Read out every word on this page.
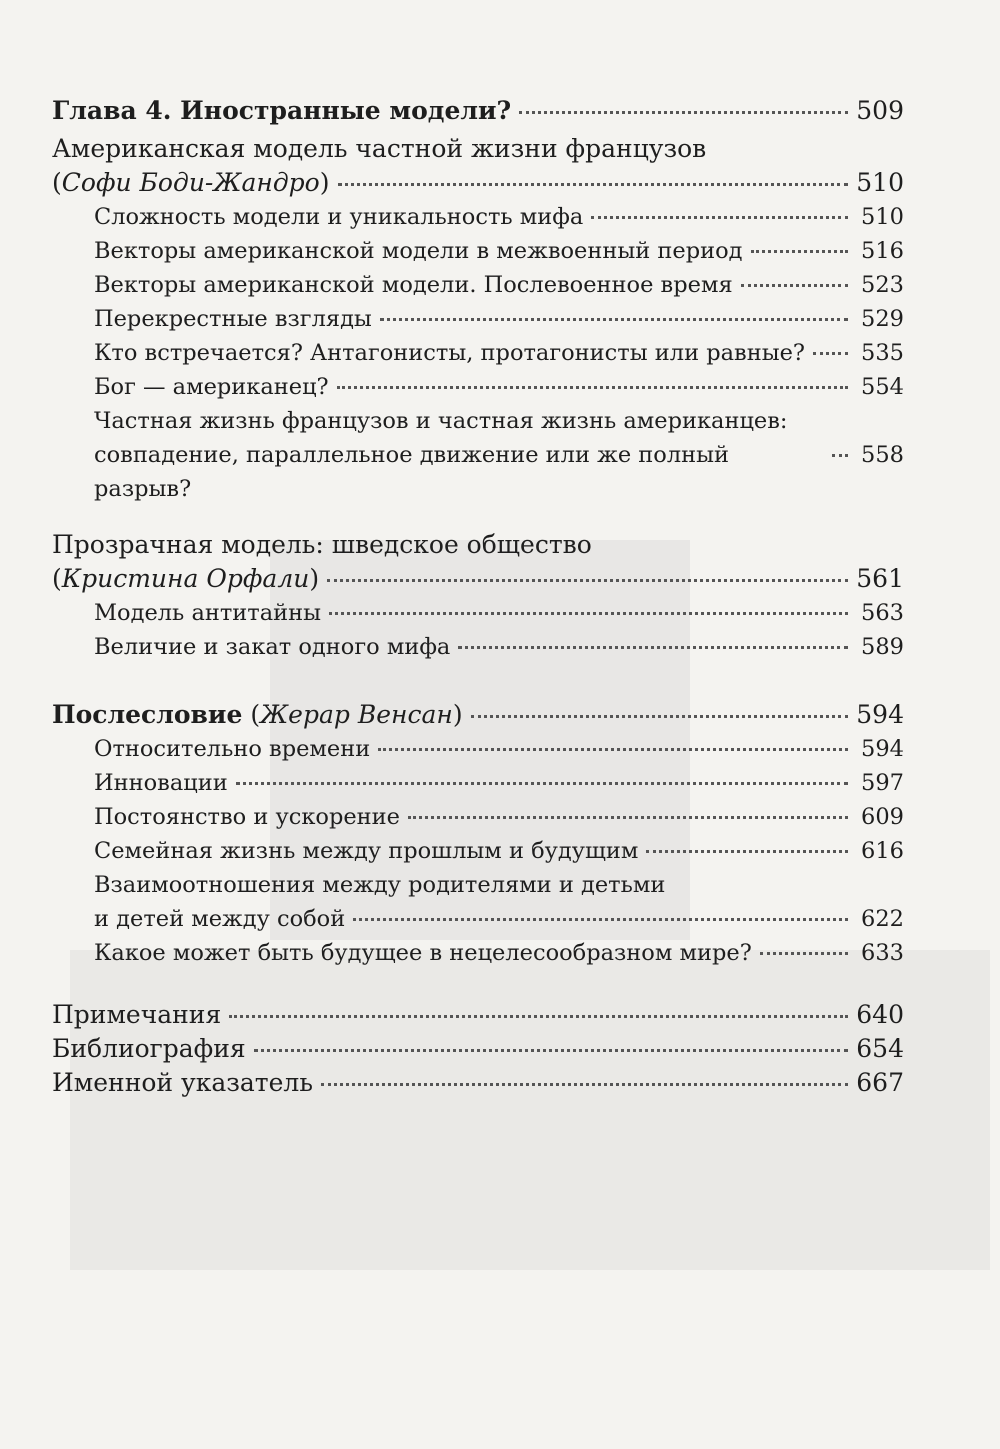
Глава 4. Иностранные модели?	509
Американская модель частной жизни французов
(Софи Боди-Жандро)	510
Сложность модели и уникальность мифа	510
Векторы американской модели в межвоенный период	516
Векторы американской модели. Послевоенное время	523
Перекрестные взгляды	529
Кто встречается? Антагонисты, протагонисты или равные? 535
Бог — американец?	554
Частная жизнь французов и частная жизнь американцев:
совпадение, параллельное движение или же полный разрыв?
558
Прозрачная модель: шведское общество
(Кристина Орфали)	561
Модель антитайны	563
Величие и закат одного мифа	589
Послесловие (Жерар Венсан)	594
Относительно времени	594
Инновации	597
Постоянство и ускорение	609
Семейная жизнь между прошлым и будущим	616
Взаимоотношения между родителями и детьми
и детей между собой	622
Какое может быть будущее в нецелесообразном мире?	633
Примечания	640
Библиография	654
Именной указатель	667
